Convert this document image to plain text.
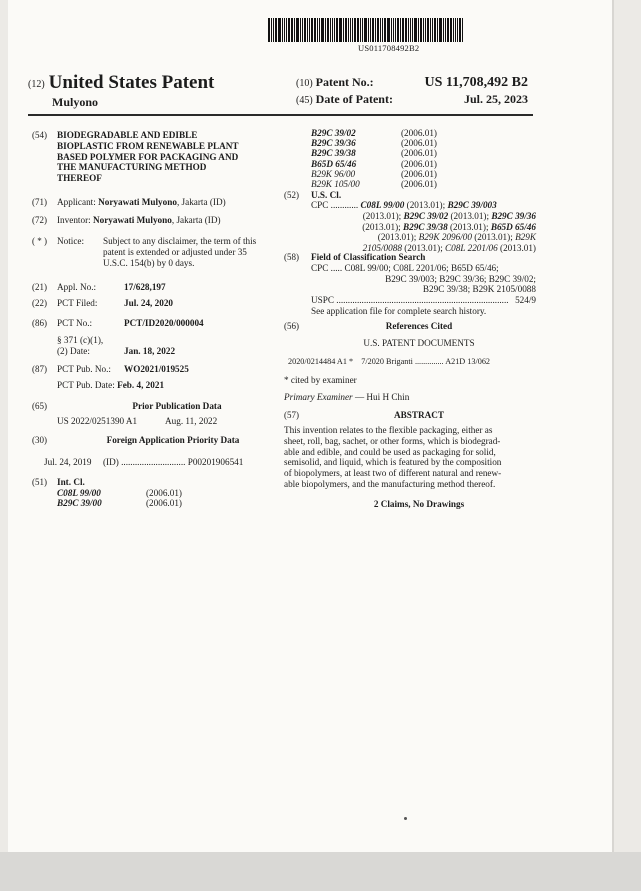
US011708492B2
(12) United States Patent
Mulyono
(10) Patent No.:	US 11,708,492 B2
(45) Date of Patent:	Jul. 25, 2023
(54) BIODEGRADABLE AND EDIBLE
BIOPLASTIC FROM RENEWABLE PLANT
BASED POLYMER FOR PACKAGING AND
THE MANUFACTURING METHOD
THEREOF
(71) Applicant: Noryawati Mulyono, Jakarta (ID)
(72) Inventor: Noryawati Mulyono, Jakarta (ID)
( * ) Notice: Subject to any disclaimer, the term of this
patent is extended or adjusted under 35
U.S.C. 154(b) by 0 days.
(21) Appl. No.:	17/628,197
(22) PCT Filed:	Jul. 24, 2020
(86) PCT No.:	PCT/ID2020/000004
§ 371 (c)(1),
(2) Date:	Jan. 18, 2022
(87) PCT Pub. No.: WO2021/019525
PCT Pub. Date: Feb. 4, 2021
(65)	Prior Publication Data
US 2022/0251390 A1	Aug. 11, 2022
(30)	Foreign Application Priority Data
Jul. 24, 2019 (ID) ............................ P00201906541
(51) Int. Cl.
C08L 99/00	(2006.01)
B29C 39/00	(2006.01)
B29C 39/02	(2006.01)
B29C 39/36	(2006.01)
B29C 39/38	(2006.01)
B65D 65/46	(2006.01)
B29K 96/00	(2006.01)
B29K 105/00	(2006.01)
(52) U.S. Cl.
CPC ............ C08L 99/00 (2013.01); B29C 39/003
(2013.01); B29C 39/02 (2013.01); B29C 39/36
(2013.01); B29C 39/38 (2013.01); B65D 65/46
(2013.01); B29K 2096/00 (2013.01); B29K
2105/0088 (2013.01); C08L 2201/06 (2013.01)
(58) Field of Classification Search
CPC ..... C08L 99/00; C08L 2201/06; B65D 65/46;
B29C 39/003; B29C 39/36; B29C 39/02;
B29C 39/38; B29K 2105/0088
USPC
........................................................................... 524/9
See application file for complete search history.
(56)	References Cited
U.S. PATENT DOCUMENTS
2020/0214484 A1 * 7/2020 Briganti .............. A21D 13/062
* cited by examiner
Primary Examiner — Hui H Chin
(57)	ABSTRACT
This invention relates to the flexible packaging, either as
sheet, roll, bag, sachet, or other forms, which is biodegrad-
able and edible, and could be used as packaging for solid,
semisolid, and liquid, which is featured by the composition
of biopolymers, at least two of different natural and renew-
able biopolymers, and the manufacturing method thereof.
2 Claims, No Drawings
